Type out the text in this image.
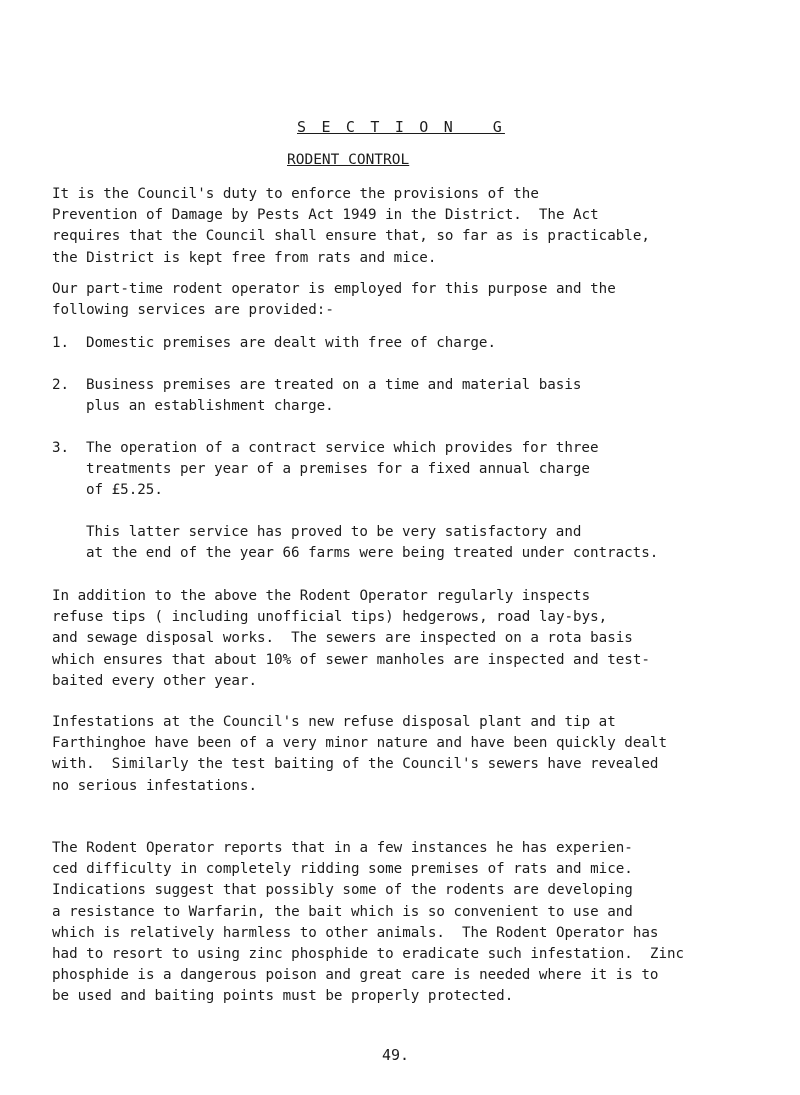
S E C T I O N   G
RODENT CONTROL
It is the Council's duty to enforce the provisions of the
Prevention of Damage by Pests Act 1949 in the District.  The Act
requires that the Council shall ensure that, so far as is practicable,
the District is kept free from rats and mice.
Our part-time rodent operator is employed for this purpose and the
following services are provided:-
1. Domestic premises are dealt with free of charge.
2. Business premises are treated on a time and material basis
plus an establishment charge.
3. The operation of a contract service which provides for three
treatments per year of a premises for a fixed annual charge
of £5.25.
This latter service has proved to be very satisfactory and
at the end of the year 66 farms were being treated under contracts.
In addition to the above the Rodent Operator regularly inspects
refuse tips ( including unofficial tips) hedgerows, road lay-bys,
and sewage disposal works.  The sewers are inspected on a rota basis
which ensures that about 10% of sewer manholes are inspected and test-
baited every other year.
Infestations at the Council's new refuse disposal plant and tip at
Farthinghoe have been of a very minor nature and have been quickly dealt
with.  Similarly the test baiting of the Council's sewers have revealed
no serious infestations.
The Rodent Operator reports that in a few instances he has experien-
ced difficulty in completely ridding some premises of rats and mice.
Indications suggest that possibly some of the rodents are developing
a resistance to Warfarin, the bait which is so convenient to use and
which is relatively harmless to other animals.  The Rodent Operator has
had to resort to using zinc phosphide to eradicate such infestation.  Zinc
phosphide is a dangerous poison and great care is needed where it is to
be used and baiting points must be properly protected.
49.
